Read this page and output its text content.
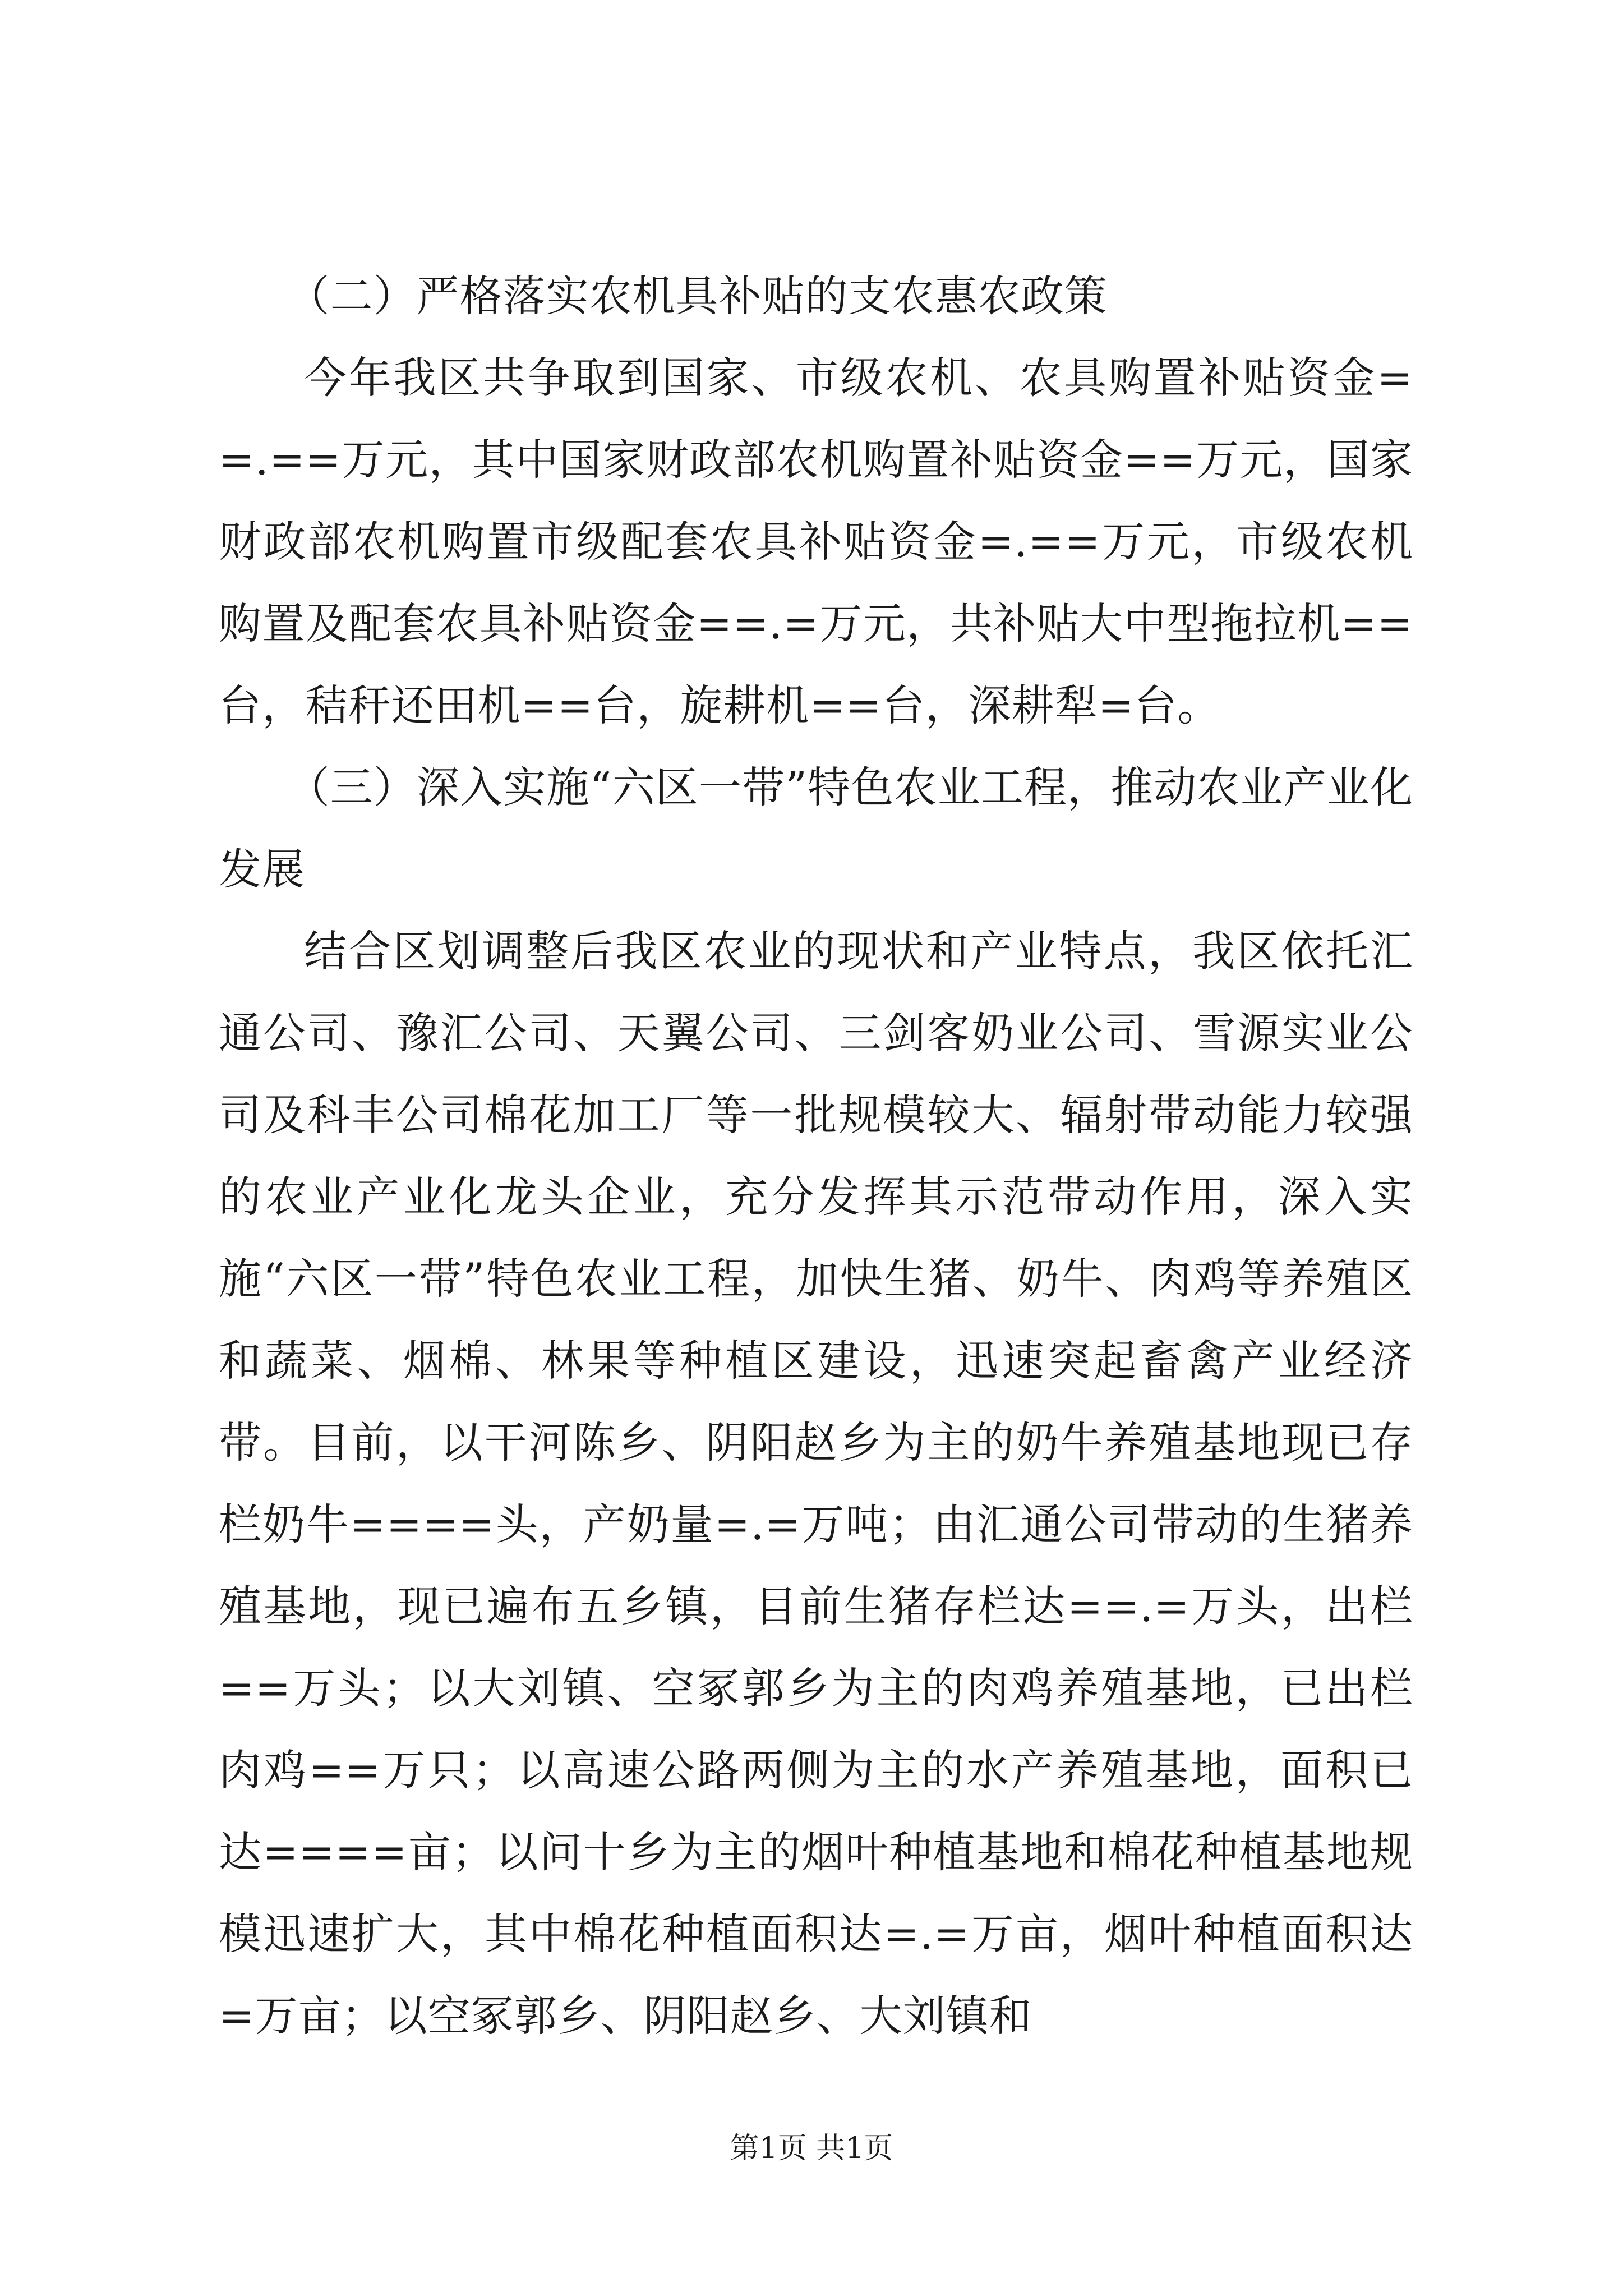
（二）严格落实农机具补贴的支农惠农政策

今年我区共争取到国家、市级农机、农具购置补贴资金==.==万元，其中国家财政部农机购置补贴资金==万元，国家财政部农机购置市级配套农具补贴资金=.==万元，市级农机购置及配套农具补贴资金==.=万元，共补贴大中型拖拉机==台，秸秆还田机==台，旋耕机==台，深耕犁=台。

（三）深入实施“六区一带”特色农业工程，推动农业产业化发展

结合区划调整后我区农业的现状和产业特点，我区依托汇通公司、豫汇公司、天翼公司、三剑客奶业公司、雪源实业公司及科丰公司棉花加工厂等一批规模较大、辐射带动能力较强的农业产业化龙头企业，充分发挥其示范带动作用，深入实施“六区一带”特色农业工程，加快生猪、奶牛、肉鸡等养殖区和蔬菜、烟棉、林果等种植区建设，迅速突起畜禽产业经济带。目前，以干河陈乡、阴阳赵乡为主的奶牛养殖基地现已存栏奶牛====头，产奶量=.=万吨；由汇通公司带动的生猪养殖基地，现已遍布五乡镇，目前生猪存栏达==.=万头，出栏==万头；以大刘镇、空冢郭乡为主的肉鸡养殖基地，已出栏肉鸡==万只；以高速公路两侧为主的水产养殖基地，面积已达====亩；以问十乡为主的烟叶种植基地和棉花种植基地规模迅速扩大，其中棉花种植面积达=.=万亩，烟叶种植面积达=万亩；以空冢郭乡、阴阳赵乡、大刘镇和

第1页 共1页
